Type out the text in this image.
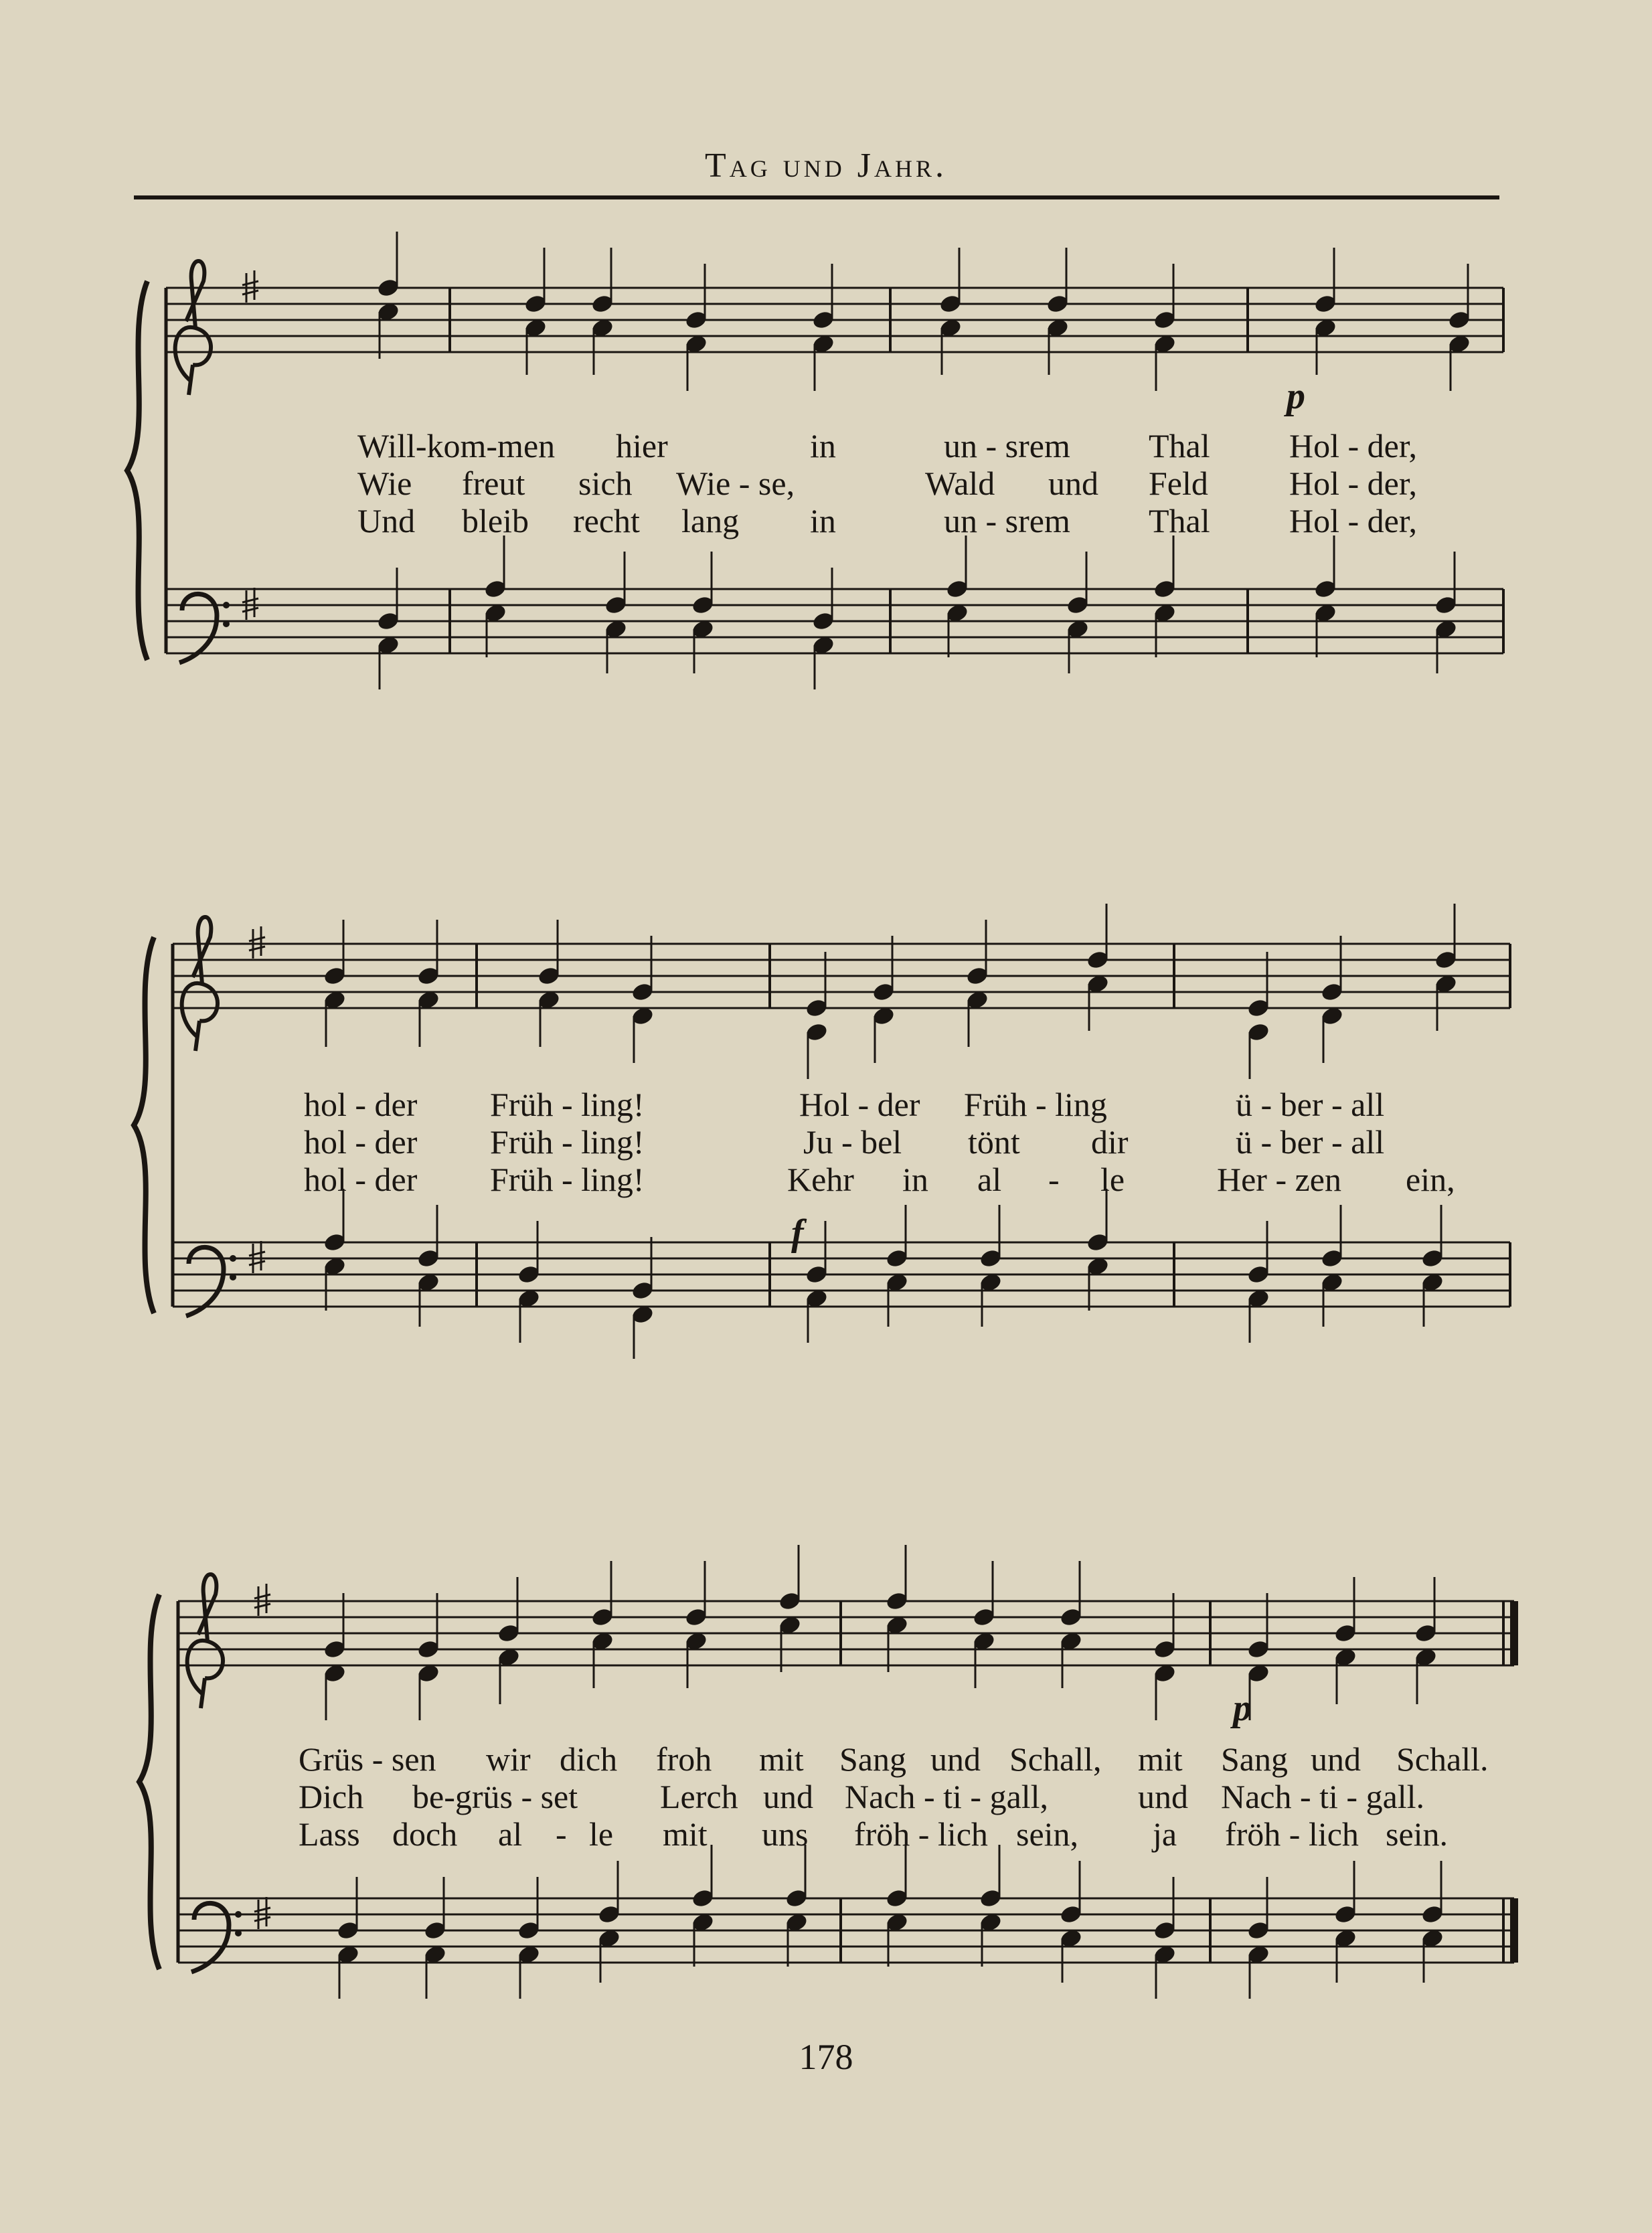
Tag und Jahr.
Will-kom-men hier	in	un - srem Thal Hol - der,
Wie freut sich Wie - se,	Wald und Feld Hol - der,
Und bleib recht lang in	un - srem Thal Hol - der,
hol - der Früh - ling!	Hol - der Früh - ling	ü - ber - all
hol - der Früh - ling!	Ju - bel tönt dir	ü - ber - all
hol - der Früh - ling!	Kehr in al - le	Her - zen ein,
Grüs - sen wir dich froh mit Sang und Schall, mit Sang und Schall.
Dich be-grüs - set Lerch und Nach - ti - gall,	und Nach - ti - gall.
Lass doch al - le mit uns fröh - lich sein, ja fröh - lich sein.
p
f
p
178
